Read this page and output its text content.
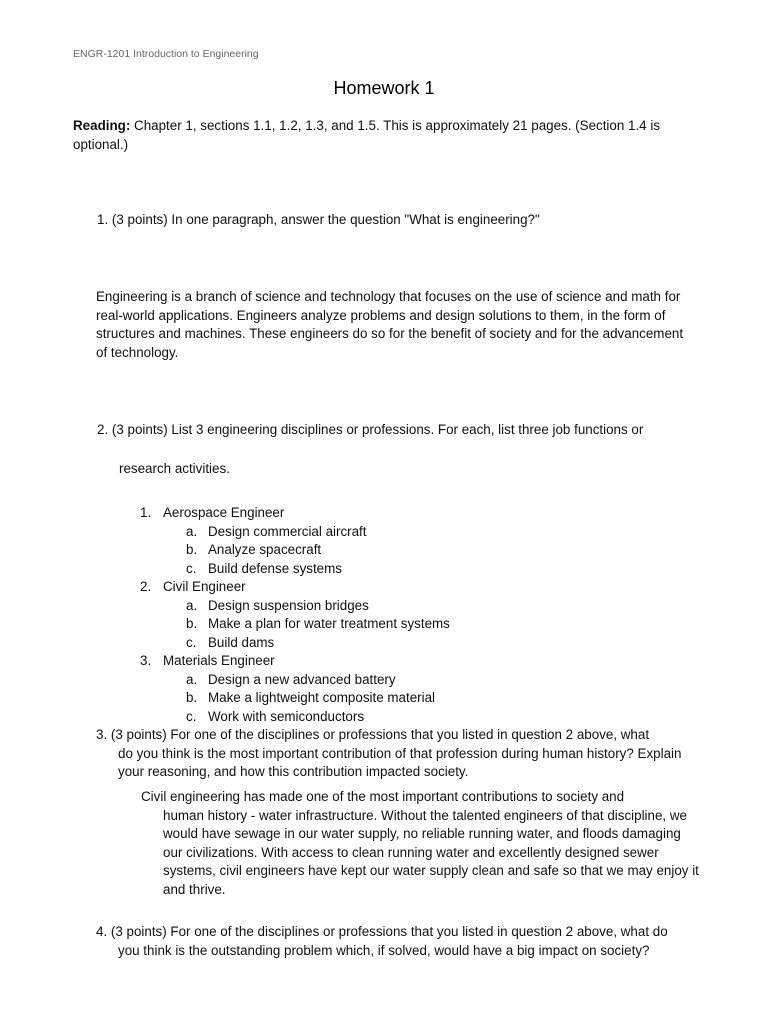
ENGR-1201 Introduction to Engineering
Homework 1
Reading: Chapter 1, sections 1.1, 1.2, 1.3, and 1.5. This is approximately 21 pages. (Section 1.4 is optional.)
1. (3 points) In one paragraph, answer the question "What is engineering?"
Engineering is a branch of science and technology that focuses on the use of science and math for real-world applications. Engineers analyze problems and design solutions to them, in the form of structures and machines. These engineers do so for the benefit of society and for the advancement of technology.
2. (3 points) List 3 engineering disciplines or professions. For each, list three job functions or
research activities.
1. Aerospace Engineer
a. Design commercial aircraft
b. Analyze spacecraft
c. Build defense systems
2. Civil Engineer
a. Design suspension bridges
b. Make a plan for water treatment systems
c. Build dams
3. Materials Engineer
a. Design a new advanced battery
b. Make a lightweight composite material
c. Work with semiconductors
3. (3 points) For one of the disciplines or professions that you listed in question 2 above, what
do you think is the most important contribution of that profession during human history? Explain your reasoning, and how this contribution impacted society.
Civil engineering has made one of the most important contributions to society and
human history - water infrastructure. Without the talented engineers of that discipline, we would have sewage in our water supply, no reliable running water, and floods damaging our civilizations. With access to clean running water and excellently designed sewer systems, civil engineers have kept our water supply clean and safe so that we may enjoy it and thrive.
4. (3 points) For one of the disciplines or professions that you listed in question 2 above, what do
you think is the outstanding problem which, if solved, would have a big impact on society?
